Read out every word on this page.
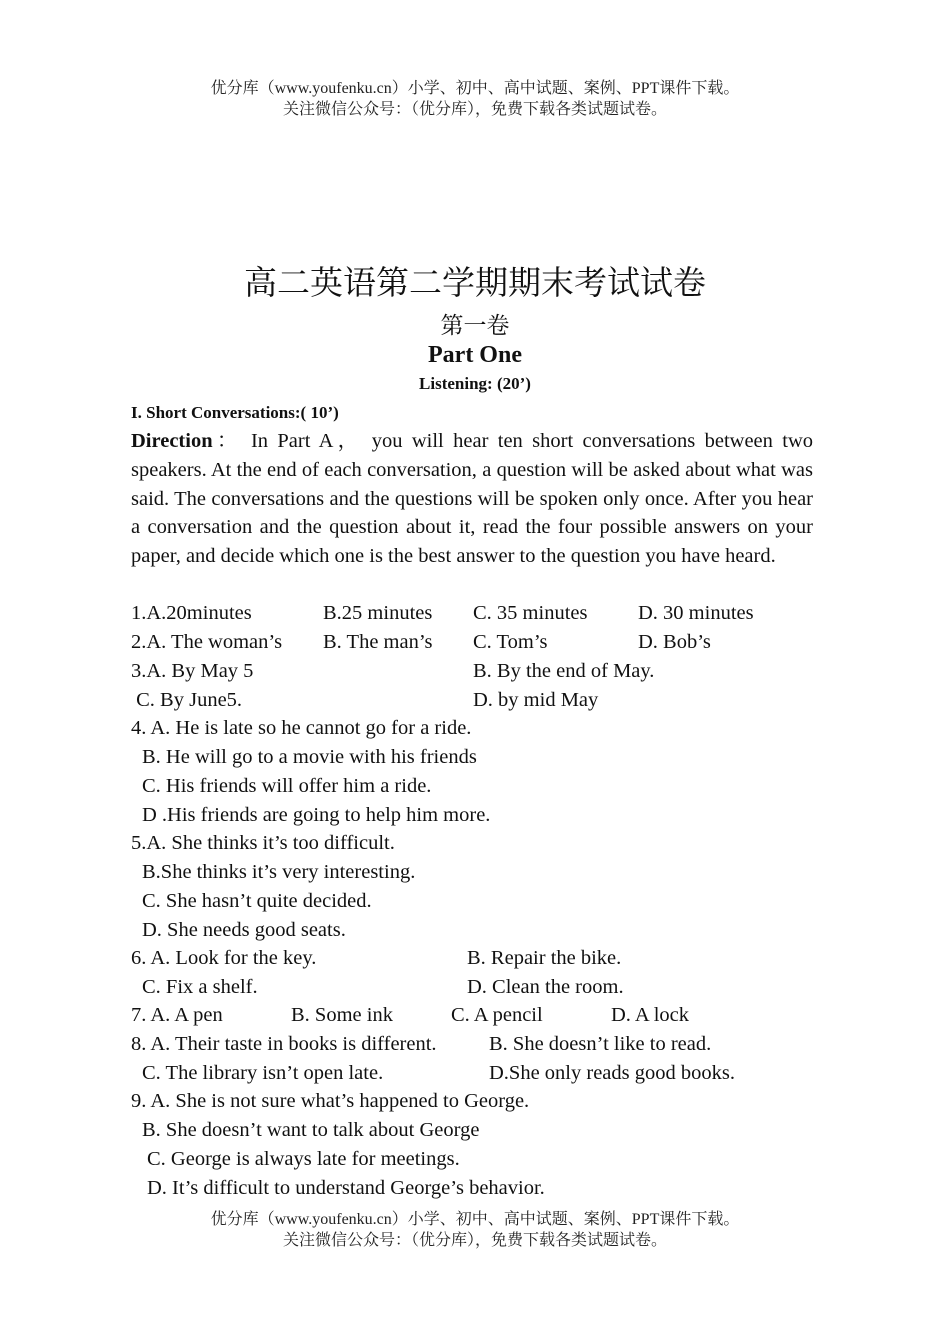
优分库（www.youfenku.cn）小学、初中、高中试题、案例、PPT课件下载。
关注微信公众号：（优分库），免费下载各类试题试卷。
高二英语第二学期期末考试试卷
第一卷
Part One
Listening: (20’)
I. Short Conversations:( 10’)
Direction： In Part A， you will hear ten short conversations between two speakers. At the end of each conversation, a question will be asked about what was said. The conversations and the questions will be spoken only once. After you hear a conversation and the question about it, read the four possible answers on your paper, and decide which one is the best answer to the question you have heard.
1.A.20minutes	B.25 minutes C. 35 minutes D. 30 minutes
2.A. The woman’s B. The man’s C. Tom’s	D. Bob’s
3.A. By May 5	B. By the end of May.
C. By June5.	D. by mid May
4. A. He is late so he cannot go for a ride.
B. He will go to a movie with his friends
C. His friends will offer him a ride.
D .His friends are going to help him more.
5.A. She thinks it’s too difficult.
B.She thinks it’s very interesting.
C. She hasn’t quite decided.
D. She needs good seats.
6. A. Look for the key.	B. Repair the bike.
C. Fix a shelf.	D. Clean the room.
7. A. A pen	B. Some ink	C. A pencil	D. A lock
8. A. Their taste in books is different.	B. She doesn’t like to read.
C. The library isn’t open late.	D.She only reads good books.
9. A. She is not sure what’s happened to George.
B. She doesn’t want to talk about George
C. George is always late for meetings.
D. It’s difficult to understand George’s behavior.
优分库（www.youfenku.cn）小学、初中、高中试题、案例、PPT课件下载。
关注微信公众号：（优分库），免费下载各类试题试卷。
